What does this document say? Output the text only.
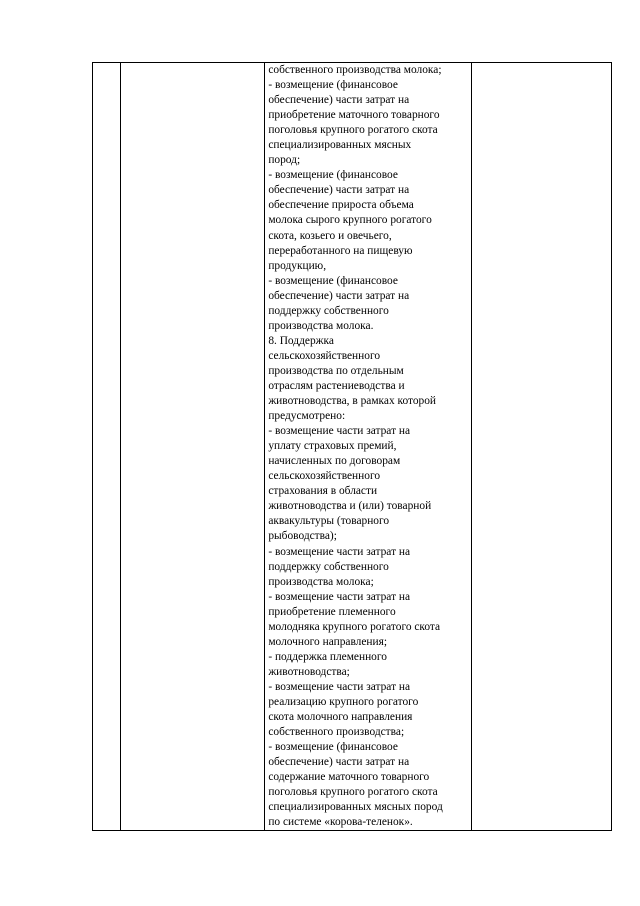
собственного производства молока;
- возмещение (финансовое
обеспечение) части затрат на
приобретение маточного товарного
поголовья крупного рогатого скота
специализированных мясных
пород;
- возмещение (финансовое
обеспечение) части затрат на
обеспечение прироста объема
молока сырого крупного рогатого
скота, козьего и овечьего,
переработанного на пищевую
продукцию,
- возмещение (финансовое
обеспечение) части затрат на
поддержку собственного
производства молока.
8. Поддержка
сельскохозяйственного
производства по отдельным
отраслям растениеводства и
животноводства, в рамках которой
предусмотрено:
- возмещение части затрат на
уплату страховых премий,
начисленных по договорам
сельскохозяйственного
страхования в области
животноводства и (или) товарной
аквакультуры (товарного
рыбоводства);
- возмещение части затрат на
поддержку собственного
производства молока;
- возмещение части затрат на
приобретение племенного
молодняка крупного рогатого скота
молочного направления;
- поддержка племенного
животноводства;
- возмещение части затрат на
реализацию крупного рогатого
скота молочного направления
собственного производства;
- возмещение (финансовое
обеспечение) части затрат на
содержание маточного товарного
поголовья крупного рогатого скота
специализированных мясных пород
по системе «корова-теленок».
